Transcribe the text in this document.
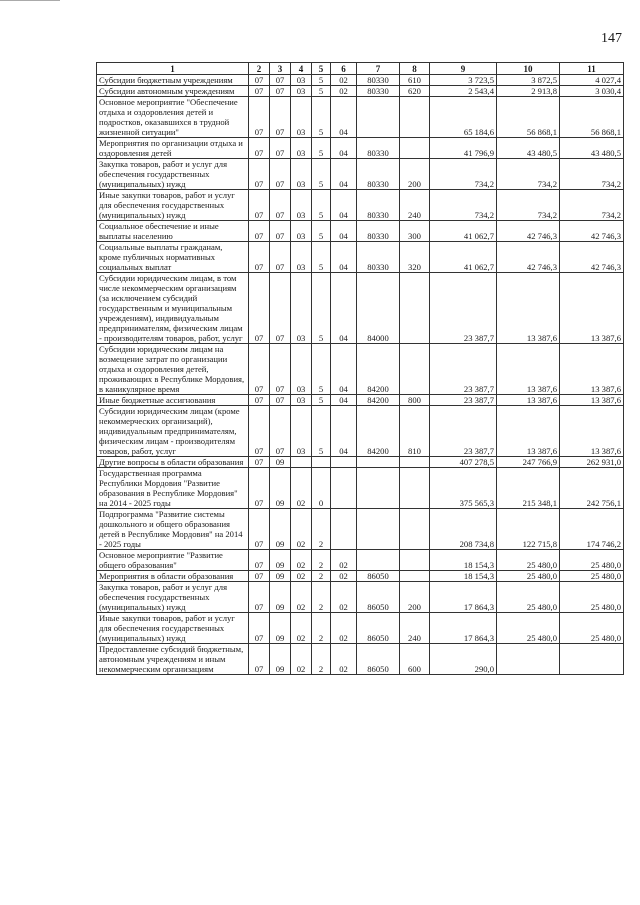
147
1	2	3	4	5	6	7	8	9	10	11
Субсидии бюджетным учреждениям	07	07	03	5	02	80330	610	3 723,5	3 872,5	4 027,4
Субсидии автономным учреждениям	07	07	03	5	02	80330	620	2 543,4	2 913,8	3 030,4
Основное мероприятие "Обеспечение отдыха и оздоровления детей и подростков, оказавшихся в трудной жизненной ситуации"	07	07	03	5	04			65 184,6	56 868,1	56 868,1
Мероприятия по организации отдыха и оздоровления детей	07	07	03	5	04	80330		41 796,9	43 480,5	43 480,5
Закупка товаров, работ и услуг для обеспечения государственных (муниципальных) нужд	07	07	03	5	04	80330	200	734,2	734,2	734,2
Иные закупки товаров, работ и услуг для обеспечения государственных (муниципальных) нужд	07	07	03	5	04	80330	240	734,2	734,2	734,2
Социальное обеспечение и иные выплаты населению	07	07	03	5	04	80330	300	41 062,7	42 746,3	42 746,3
Социальные выплаты гражданам, кроме публичных нормативных социальных выплат	07	07	03	5	04	80330	320	41 062,7	42 746,3	42 746,3
Субсидии юридическим лицам, в том числе некоммерческим организациям (за исключением субсидий государственным и муниципальным учреждениям), индивидуальным предпринимателям, физическим лицам - производителям товаров, работ, услуг	07	07	03	5	04	84000		23 387,7	13 387,6	13 387,6
Субсидии юридическим лицам на возмещение затрат по организации отдыха и оздоровления детей, проживающих в Республике Мордовия, в каникулярное время	07	07	03	5	04	84200		23 387,7	13 387,6	13 387,6
Иные бюджетные ассигнования	07	07	03	5	04	84200	800	23 387,7	13 387,6	13 387,6
Субсидии юридическим лицам (кроме некоммерческих организаций), индивидуальным предпринимателям, физическим лицам - производителям товаров, работ, услуг	07	07	03	5	04	84200	810	23 387,7	13 387,6	13 387,6
Другие вопросы в области образования	07	09						407 278,5	247 766,9	262 931,0
Государственная программа Республики Мордовия "Развитие образования в Республике Мордовия" на 2014 - 2025 годы	07	09	02	0				375 565,3	215 348,1	242 756,1
Подпрограмма "Развитие системы дошкольного и общего образования детей в Республике Мордовия" на 2014 - 2025 годы	07	09	02	2				208 734,8	122 715,8	174 746,2
Основное мероприятие "Развитие общего образования"	07	09	02	2	02			18 154,3	25 480,0	25 480,0
Мероприятия в области образования	07	09	02	2	02	86050		18 154,3	25 480,0	25 480,0
Закупка товаров, работ и услуг для обеспечения государственных (муниципальных) нужд	07	09	02	2	02	86050	200	17 864,3	25 480,0	25 480,0
Иные закупки товаров, работ и услуг для обеспечения государственных (муниципальных) нужд	07	09	02	2	02	86050	240	17 864,3	25 480,0	25 480,0
Предоставление субсидий бюджетным, автономным учреждениям и иным некоммерческим организациям	07	09	02	2	02	86050	600	290,0		
